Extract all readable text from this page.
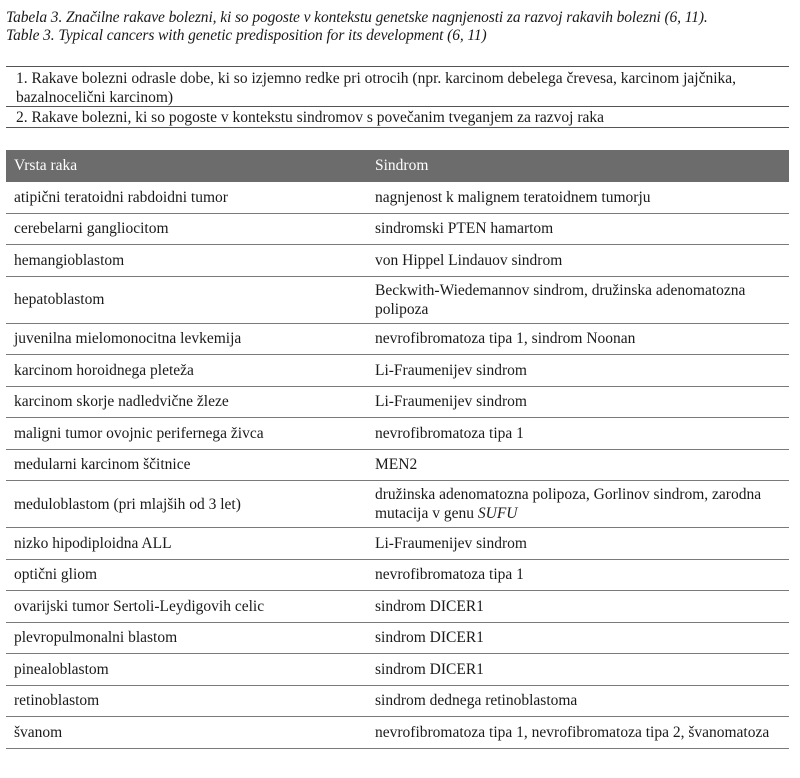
Tabela 3. Značilne rakave bolezni, ki so pogoste v kontekstu genetske nagnjenosti za razvoj rakavih bolezni (6, 11).
Table 3. Typical cancers with genetic predisposition for its development (6, 11)
1. Rakave bolezni odrasle dobe, ki so izjemno redke pri otrocih (npr. karcinom debelega črevesa, karcinom jajčnika, bazalnocelični karcinom)
2. Rakave bolezni, ki so pogoste v kontekstu sindromov s povečanim tveganjem za razvoj raka
Vrsta raka	Sindrom
atipični teratoidni rabdoidni tumor	nagnjenost k malignem teratoidnem tumorju
cerebelarni gangliocitom	sindromski PTEN hamartom
hemangioblastom	von Hippel Lindauov sindrom
hepatoblastom	Beckwith-Wiedemannov sindrom, družinska adenomatozna polipoza
juvenilna mielomonocitna levkemija	nevrofibromatoza tipa 1, sindrom Noonan
karcinom horoidnega pleteža	Li-Fraumenijev sindrom
karcinom skorje nadledvične žleze	Li-Fraumenijev sindrom
maligni tumor ovojnic perifernega živca	nevrofibromatoza tipa 1
medularni karcinom ščitnice	MEN2
meduloblastom (pri mlajših od 3 let)	družinska adenomatozna polipoza, Gorlinov sindrom, zarodna mutacija v genu SUFU
nizko hipodiploidna ALL	Li-Fraumenijev sindrom
optični gliom	nevrofibromatoza tipa 1
ovarijski tumor Sertoli-Leydigovih celic	sindrom DICER1
plevropulmonalni blastom	sindrom DICER1
pinealoblastom	sindrom DICER1
retinoblastom	sindrom dednega retinoblastoma
švanom	nevrofibromatoza tipa 1, nevrofibromatoza tipa 2, švanomatoza
